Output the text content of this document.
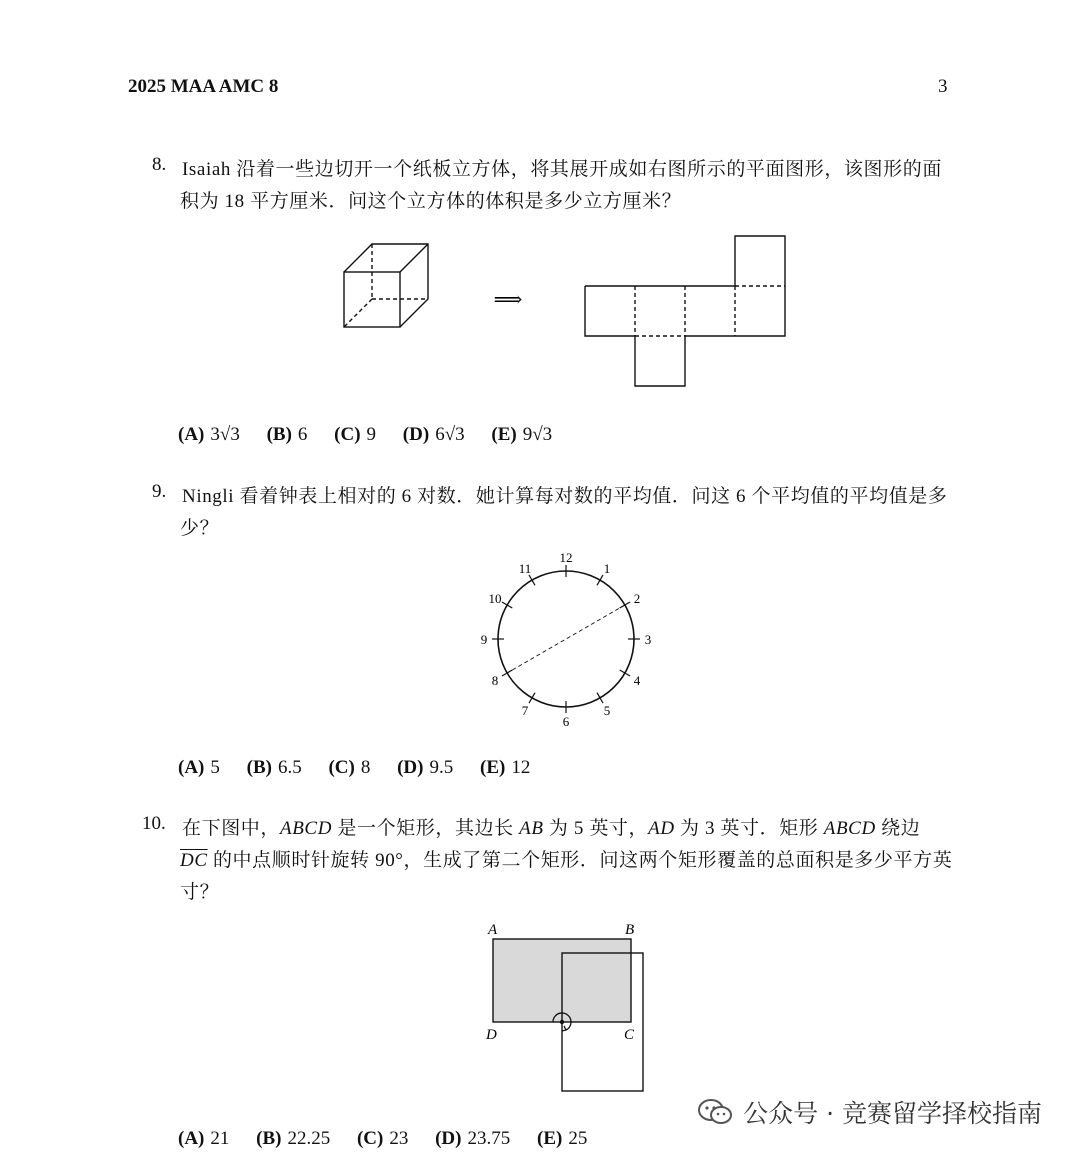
2025 MAA AMC 8	3
8. Isaiah 沿着一些边切开一个纸板立方体，将其展开成如右图所示的平面图形，该图形的面
积为 18 平方厘米．问这个立方体的体积是多少立方厘米？
⟹
(A) 3√3 (B) 6 (C) 9 (D) 6√3 (E) 9√3
9. Ningli 看着钟表上相对的 6 对数．她计算每对数的平均值．问这 6 个平均值的平均值是多
少？
12
1
2
3
4
5
6
7
8
9
10
11
(A) 5 (B) 6.5 (C) 8 (D) 9.5 (E) 12
10. 在下图中，ABCD 是一个矩形，其边长 AB 为 5 英寸，AD 为 3 英寸．矩形 ABCD 绕边
$\overline{DC}$ 的中点顺时针旋转 90°，生成了第二个矩形．问这两个矩形覆盖的总面积是多少平方英
寸？
A	B
C
D
(A) 21 (B) 22.25 (C) 23 (D) 23.75 (E) 25
公众号 · 竞赛留学择校指南
